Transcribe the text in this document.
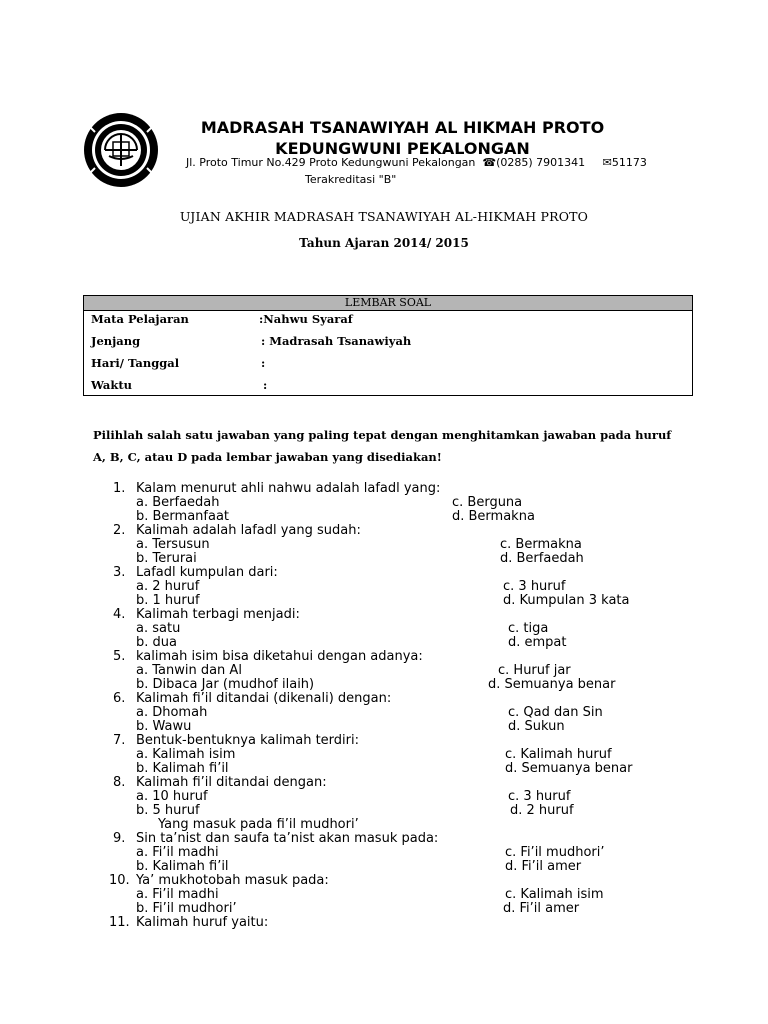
MADRASAH TSANAWIYAH AL HIKMAH PROTO
KEDUNGWUNI PEKALONGAN
Jl. Proto Timur No.429 Proto Kedungwuni Pekalongan  ☎(0285) 7901341     ✉51173
Terakreditasi "B"
UJIAN AKHIR MADRASAH TSANAWIYAH AL-HIKMAH PROTO
Tahun Ajaran 2014/ 2015
LEMBAR SOAL
Mata Pelajaran	:Nahwu Syaraf
Jenjang	: Madrasah Tsanawiyah
Hari/ Tanggal	:
Waktu	:
Pilihlah salah satu jawaban yang paling tepat dengan menghitamkan jawaban pada huruf
A, B, C, atau D pada lembar jawaban yang disediakan!
1. Kalam menurut ahli nahwu adalah lafadl yang:
a. Berfaedah	c. Berguna
b. Bermanfaat	d. Bermakna
2. Kalimah adalah lafadl yang sudah:
a. Tersusun	c. Bermakna
b. Terurai	d. Berfaedah
3. Lafadl kumpulan dari:
a. 2 huruf	c. 3 huruf
b. 1 huruf	d. Kumpulan 3 kata
4. Kalimah terbagi menjadi:
a. satu	c. tiga
b. dua	d. empat
5. kalimah isim bisa diketahui dengan adanya:
a. Tanwin dan Al	c. Huruf jar
b. Dibaca Jar (mudhof ilaih)	d. Semuanya benar
6. Kalimah fi’il ditandai (dikenali) dengan:
a. Dhomah	c. Qad dan Sin
b. Wawu	d. Sukun
7. Bentuk-bentuknya kalimah terdiri:
a. Kalimah isim	c. Kalimah huruf
b. Kalimah fi’il	d. Semuanya benar
8. Kalimah fi’il ditandai dengan:
a. 10 huruf	c. 3 huruf
b. 5 huruf	d. 2 huruf
Yang masuk pada fi’il mudhori’
9. Sin ta’nist dan saufa ta’nist akan masuk pada:
a. Fi’il madhi	c. Fi’il mudhori’
b. Kalimah fi’il	d. Fi’il amer
10. Ya’ mukhotobah masuk pada:
a. Fi’il madhi	c. Kalimah isim
b. Fi’il mudhori’	d. Fi’il amer
11. Kalimah huruf yaitu:
